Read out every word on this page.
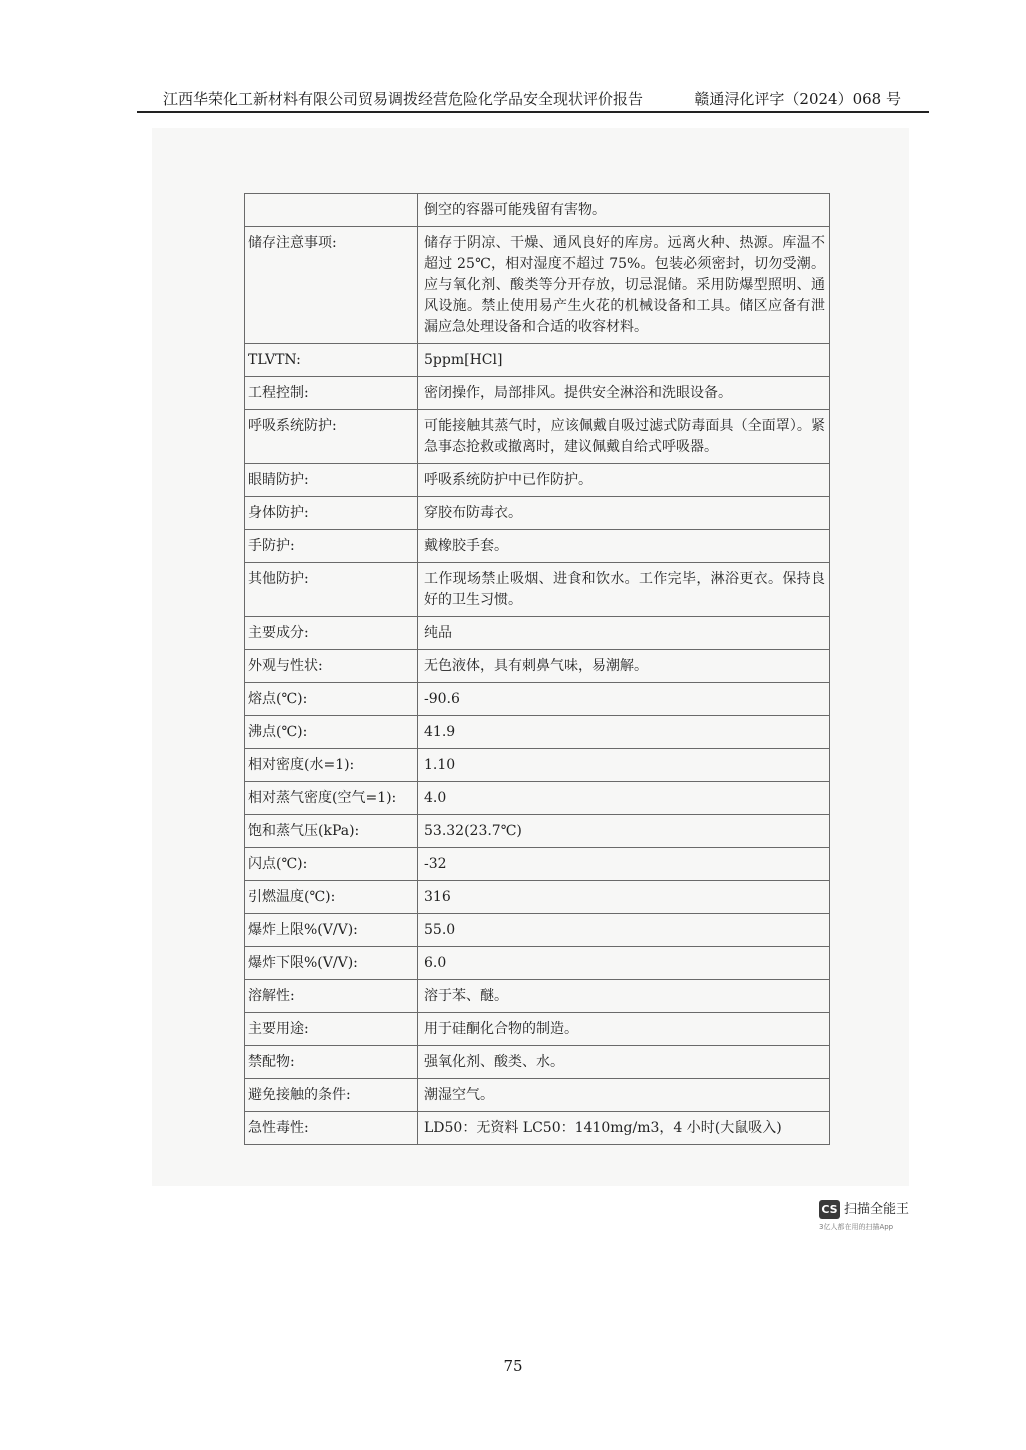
江西华荣化工新材料有限公司贸易调拨经营危险化学品安全现状评价报告	赣通浔化评字（2024）068 号
	倒空的容器可能残留有害物。
储存注意事项:	储存于阴凉、干燥、通风良好的库房。远离火种、热源。库温不超过 25℃，相对湿度不超过 75%。包装必须密封，切勿受潮。应与氧化剂、酸类等分开存放，切忌混储。采用防爆型照明、通风设施。禁止使用易产生火花的机械设备和工具。储区应备有泄漏应急处理设备和合适的收容材料。
TLVTN:	5ppm[HCl]
工程控制:	密闭操作，局部排风。提供安全淋浴和洗眼设备。
呼吸系统防护:	可能接触其蒸气时，应该佩戴自吸过滤式防毒面具（全面罩）。紧急事态抢救或撤离时，建议佩戴自给式呼吸器。
眼睛防护:	呼吸系统防护中已作防护。
身体防护:	穿胶布防毒衣。
手防护:	戴橡胶手套。
其他防护:	工作现场禁止吸烟、进食和饮水。工作完毕，淋浴更衣。保持良好的卫生习惯。
主要成分:	纯品
外观与性状:	无色液体，具有刺鼻气味，易潮解。
熔点(℃):	-90.6
沸点(℃):	41.9
相对密度(水=1):	1.10
相对蒸气密度(空气=1):	4.0
饱和蒸气压(kPa):	53.32(23.7℃)
闪点(℃):	-32
引燃温度(℃):	316
爆炸上限%(V/V):	55.0
爆炸下限%(V/V):	6.0
溶解性:	溶于苯、醚。
主要用途:	用于硅酮化合物的制造。
禁配物:	强氧化剂、酸类、水。
避免接触的条件:	潮湿空气。
急性毒性:	LD50：无资料 LC50：1410mg/m3，4 小时(大鼠吸入)
CS 扫描全能王
3亿人都在用的扫描App
75
